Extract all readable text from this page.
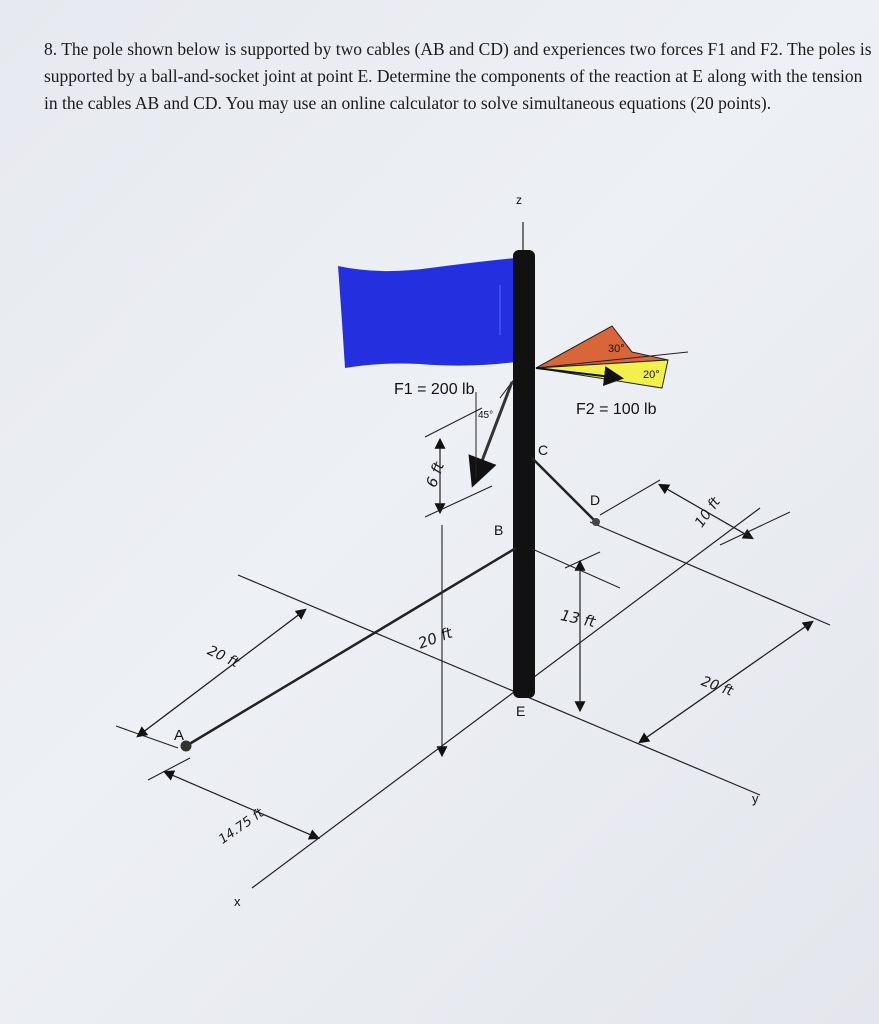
8. The pole shown below is supported by two cables (AB and CD) and experiences two forces F1 and F2. The poles is supported by a ball-and-socket joint at point E. Determine the components of the reaction at E along with the tension in the cables AB and CD. You may use an online calculator to solve simultaneous equations (20 points).

z
x
y
A
B
C
D
E
F1 = 200 lb
F2 = 100 lb
45°
30°
20°
6 ft
20 ft
13 ft
10 ft
20 ft
20 ft
14.75 ft
